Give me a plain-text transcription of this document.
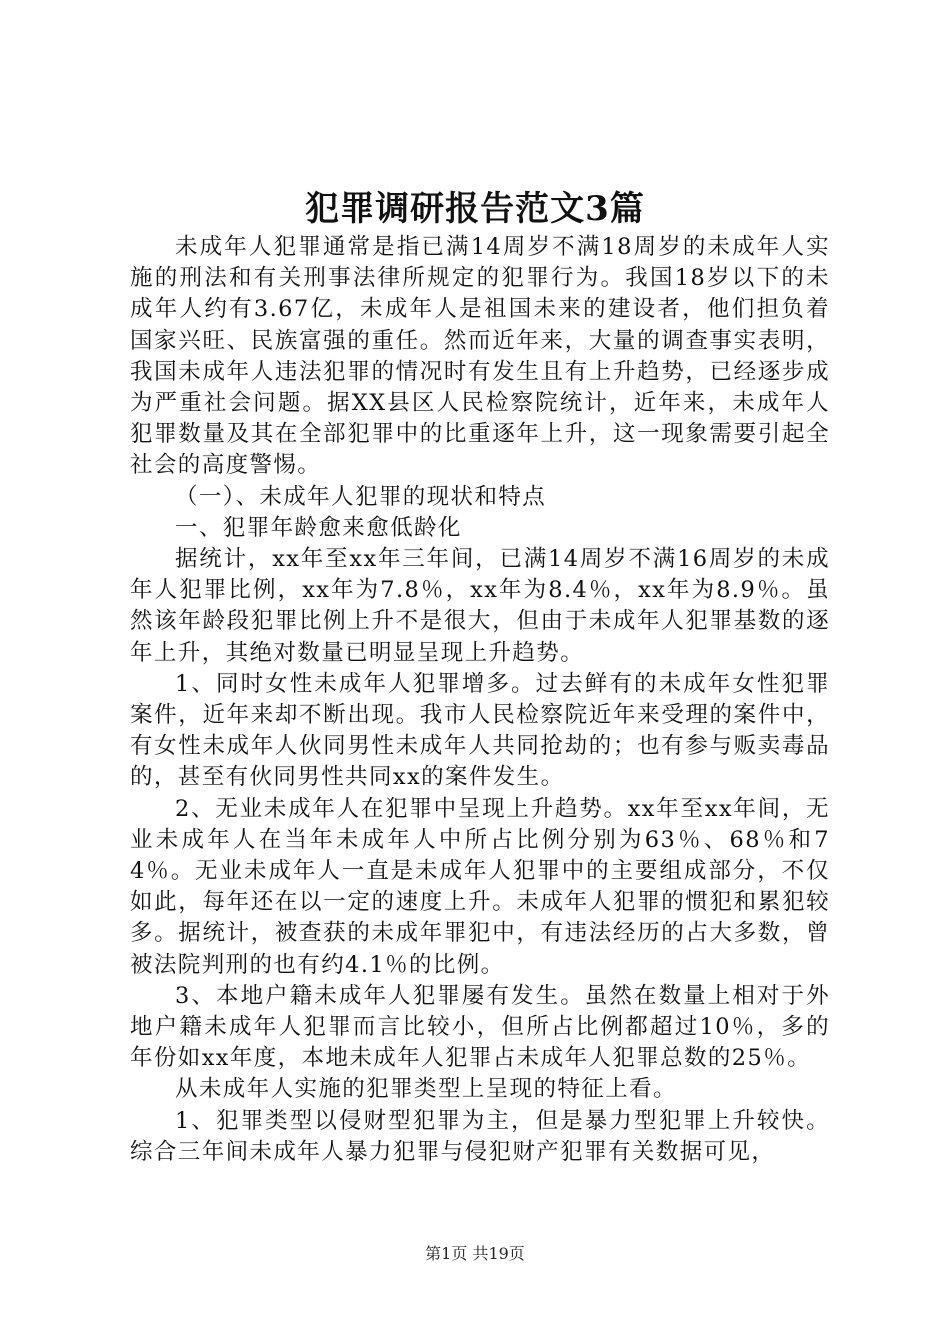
犯罪调研报告范文3篇

未成年人犯罪通常是指已满14周岁不满18周岁的未成年人实施的刑法和有关刑事法律所规定的犯罪行为。我国18岁以下的未成年人约有3.67亿，未成年人是祖国未来的建设者，他们担负着国家兴旺、民族富强的重任。然而近年来，大量的调查事实表明，我国未成年人违法犯罪的情况时有发生且有上升趋势，已经逐步成为严重社会问题。据XX县区人民检察院统计，近年来，未成年人犯罪数量及其在全部犯罪中的比重逐年上升，这一现象需要引起全社会的高度警惕。

（一）、未成年人犯罪的现状和特点

一、犯罪年龄愈来愈低龄化

据统计，xx年至xx年三年间，已满14周岁不满16周岁的未成年人犯罪比例，xx年为7.8％，xx年为8.4％，xx年为8.9％。虽然该年龄段犯罪比例上升不是很大，但由于未成年人犯罪基数的逐年上升，其绝对数量已明显呈现上升趋势。

1、同时女性未成年人犯罪增多。过去鲜有的未成年女性犯罪案件，近年来却不断出现。我市人民检察院近年来受理的案件中，有女性未成年人伙同男性未成年人共同抢劫的；也有参与贩卖毒品的，甚至有伙同男性共同xx的案件发生。

2、无业未成年人在犯罪中呈现上升趋势。xx年至xx年间，无业未成年人在当年未成年人中所占比例分别为63％、68％和74％。无业未成年人一直是未成年人犯罪中的主要组成部分，不仅如此，每年还在以一定的速度上升。未成年人犯罪的惯犯和累犯较多。据统计，被查获的未成年罪犯中，有违法经历的占大多数，曾被法院判刑的也有约4.1％的比例。

3、本地户籍未成年人犯罪屡有发生。虽然在数量上相对于外地户籍未成年人犯罪而言比较小，但所占比例都超过10％，多的年份如xx年度，本地未成年人犯罪占未成年人犯罪总数的25％。

从未成年人实施的犯罪类型上呈现的特征上看。

1、犯罪类型以侵财型犯罪为主，但是暴力型犯罪上升较快。综合三年间未成年人暴力犯罪与侵犯财产犯罪有关数据可见，

第1页 共19页
